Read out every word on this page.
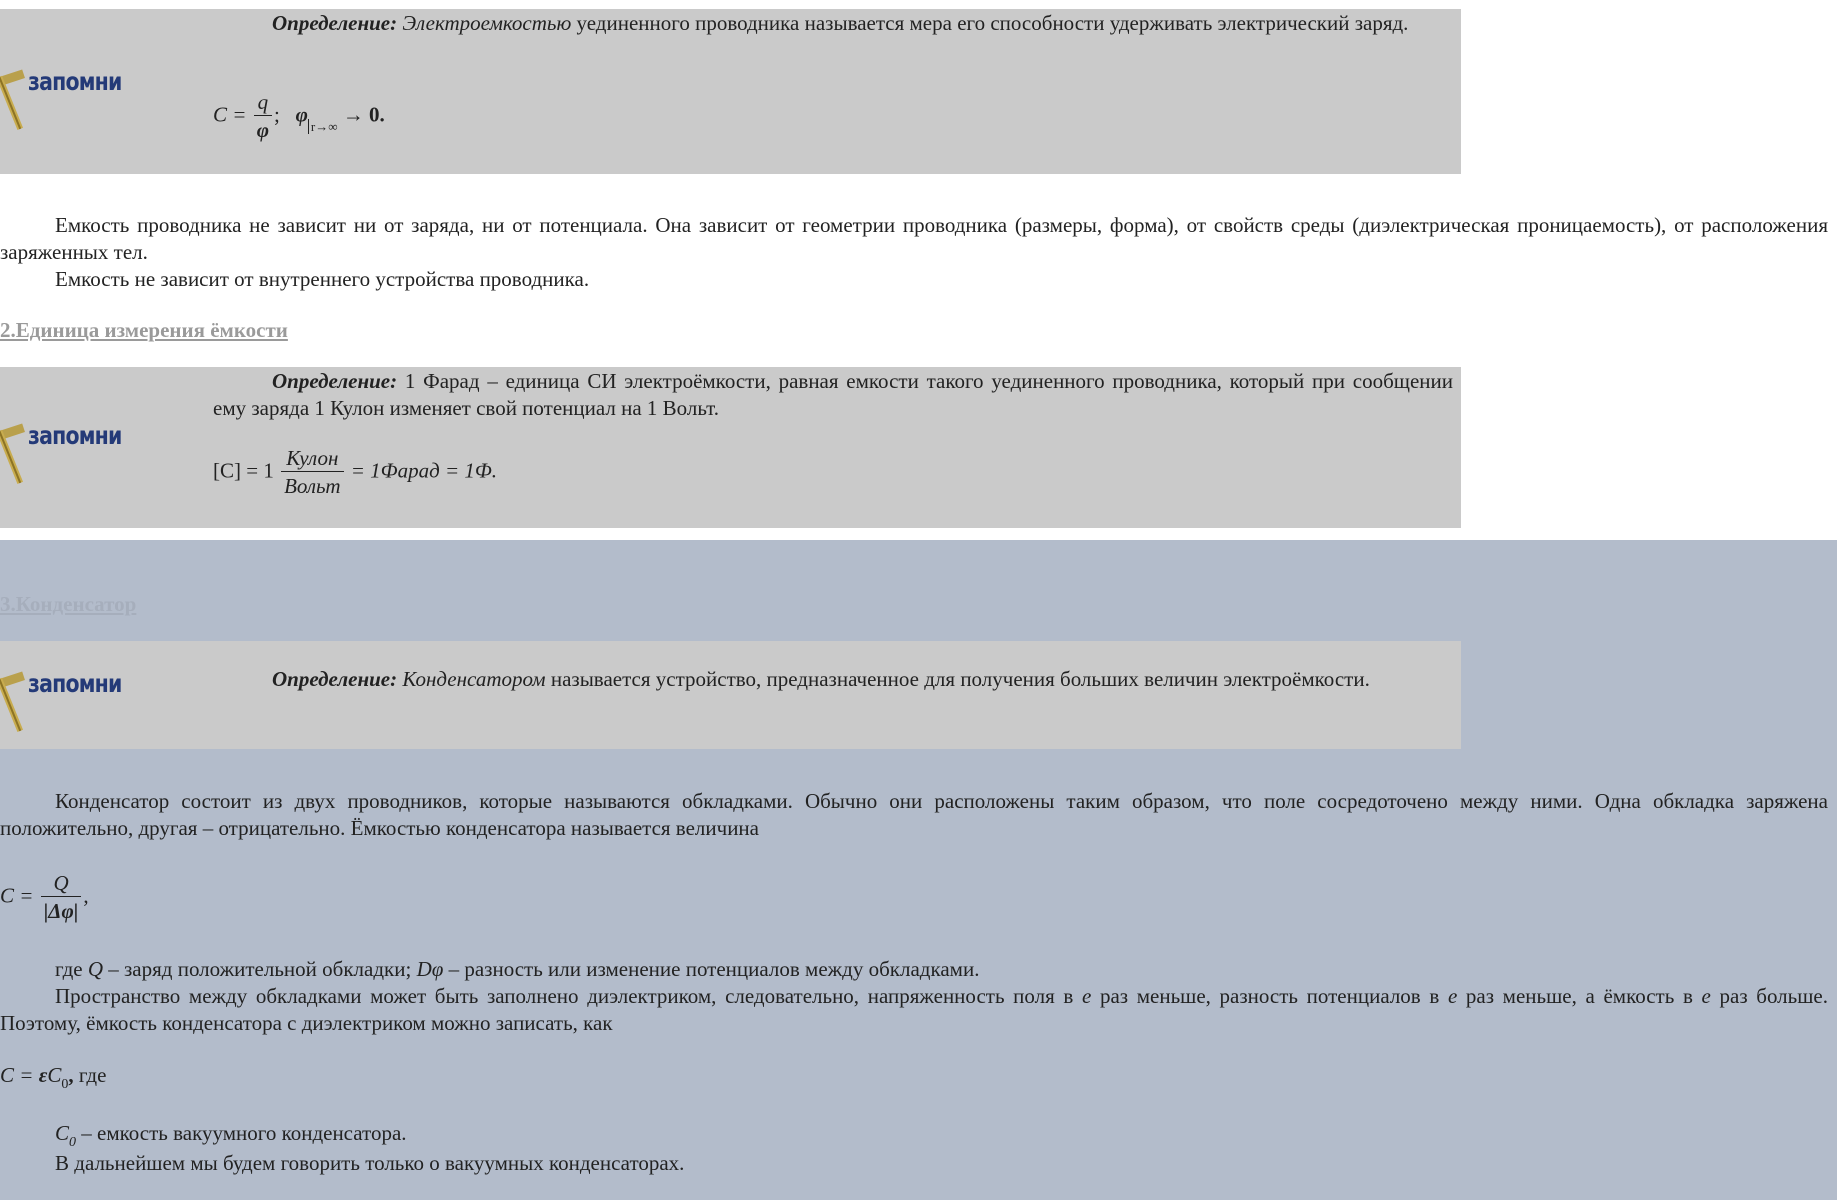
запомни
Определение: Электроемкостью уединенного проводника называется мера его способности удерживать электрический заряд.
$C = \frac{q}{\varphi}$ ; $\varphi_{r\to\infty} \to 0$.
Емкость проводника не зависит ни от заряда, ни от потенциала. Она зависит от геометрии проводника (размеры, форма), от свойств среды (диэлектрическая проницаемость), от расположения заряженных тел.
Емкость не зависит от внутреннего устройства проводника.
2.Единица измерения ёмкости
запомни
Определение: 1 Фарад – единица СИ электроёмкости, равная емкости такого уединенного проводника, который при сообщении ему заряда 1 Кулон изменяет свой потенциал на 1 Вольт.
$[C] = 1 \frac{\text{Кулон}}{\text{Вольт}}$ = 1Фарад = 1Ф.
3.Конденсатор
запомни	Определение: Конденсатором называется устройство, предназначенное для получения больших величин электроёмкости.
Конденсатор состоит из двух проводников, которые называются обкладками. Обычно они расположены таким образом, что поле сосредоточено между ними. Одна обкладка заряжена положительно, другая – отрицательно. Ёмкостью конденсатора называется величина
$C = \frac{Q}{|\Delta\varphi|}$ ,
где Q – заряд положительной обкладки; Dφ – разность или изменение потенциалов между обкладками.
Пространство между обкладками может быть заполнено диэлектриком, следовательно, напряженность поля в e раз меньше, разность потенциалов в e раз меньше, а ёмкость в e раз больше. Поэтому, ёмкость конденсатора с диэлектриком можно записать, как
$C = \varepsilon C_0$, где
$C_0$ – емкость вакуумного конденсатора.
В дальнейшем мы будем говорить только о вакуумных конденсаторах.
